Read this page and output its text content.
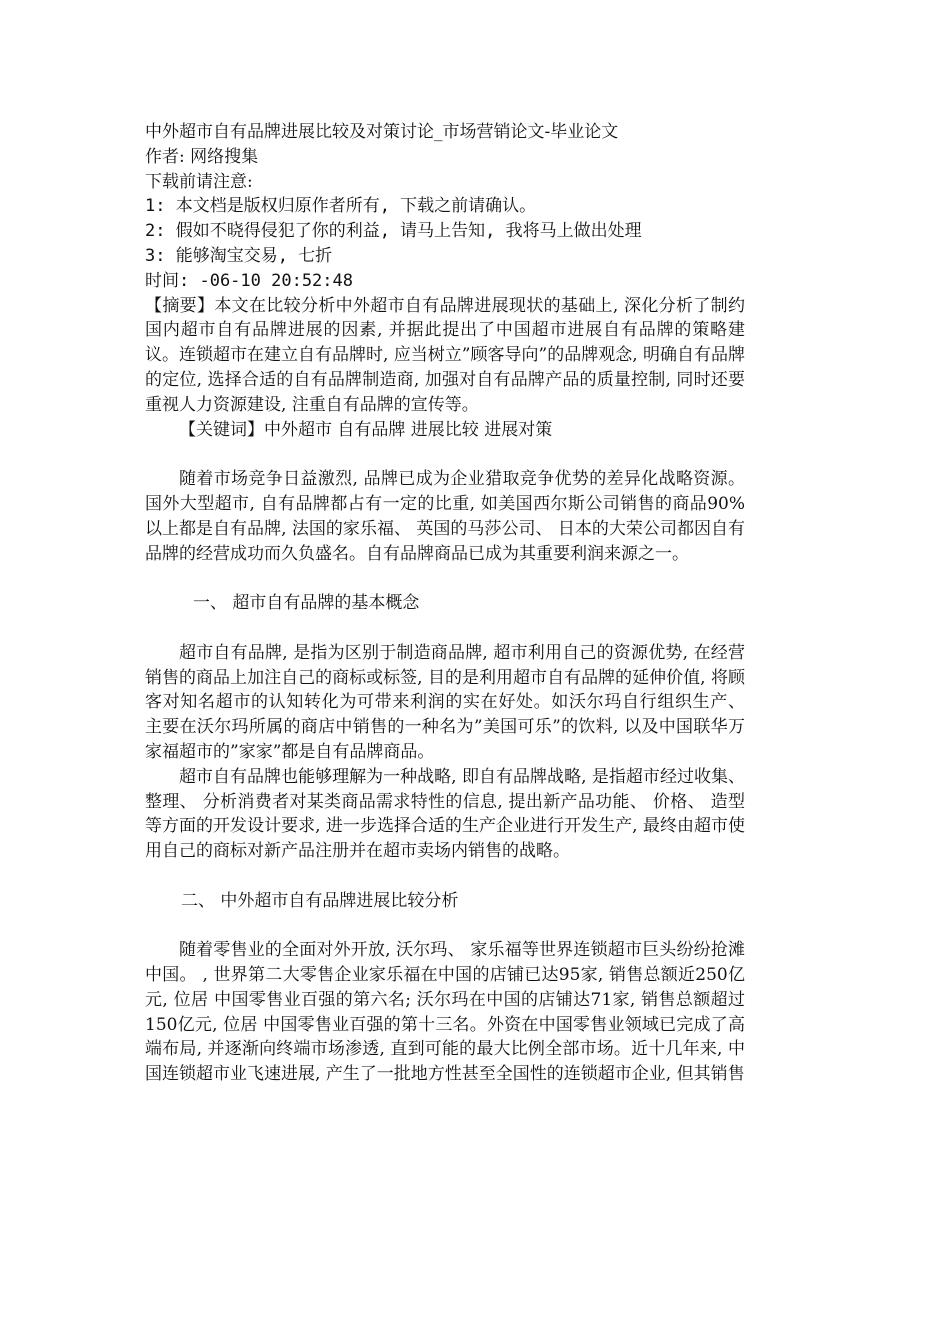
中外超市自有品牌进展比较及对策讨论_市场营销论文-毕业论文
作者: 网络搜集
下载前请注意:
1: 本文档是版权归原作者所有, 下载之前请确认。
2: 假如不晓得侵犯了你的利益, 请马上告知, 我将马上做出处理
3: 能够淘宝交易, 七折
时间: -06-10 20:52:48

【摘要】本文在比较分析中外超市自有品牌进展现状的基础上, 深化分析了制约国内超市自有品牌进展的因素, 并据此提出了中国超市进展自有品牌的策略建议。连锁超市在建立自有品牌时, 应当树立”顾客导向”的品牌观念, 明确自有品牌的定位, 选择合适的自有品牌制造商, 加强对自有品牌产品的质量控制, 同时还要重视人力资源建设, 注重自有品牌的宣传等。

【关键词】中外超市 自有品牌 进展比较 进展对策

随着市场竞争日益激烈, 品牌已成为企业猎取竞争优势的差异化战略资源。国外大型超市, 自有品牌都占有一定的比重, 如美国西尔斯公司销售的商品90%以上都是自有品牌, 法国的家乐福、 英国的马莎公司、 日本的大荣公司都因自有品牌的经营成功而久负盛名。自有品牌商品已成为其重要利润来源之一。

一、 超市自有品牌的基本概念

超市自有品牌, 是指为区别于制造商品牌, 超市利用自己的资源优势, 在经营销售的商品上加注自己的商标或标签, 目的是利用超市自有品牌的延伸价值, 将顾客对知名超市的认知转化为可带来利润的实在好处。如沃尔玛自行组织生产、 主要在沃尔玛所属的商店中销售的一种名为”美国可乐”的饮料, 以及中国联华万家福超市的”家家”都是自有品牌商品。

超市自有品牌也能够理解为一种战略, 即自有品牌战略, 是指超市经过收集、 整理、 分析消费者对某类商品需求特性的信息, 提出新产品功能、 价格、 造型等方面的开发设计要求, 进一步选择合适的生产企业进行开发生产, 最终由超市使用自己的商标对新产品注册并在超市卖场内销售的战略。

二、 中外超市自有品牌进展比较分析

随着零售业的全面对外开放, 沃尔玛、 家乐福等世界连锁超市巨头纷纷抢滩中国。 , 世界第二大零售企业家乐福在中国的店铺已达95家, 销售总额近250亿元, 位居 中国零售业百强的第六名; 沃尔玛在中国的店铺达71家, 销售总额超过150亿元, 位居 中国零售业百强的第十三名。外资在中国零售业领域已完成了高端布局, 并逐渐向终端市场渗透, 直到可能的最大比例全部市场。近十几年来, 中国连锁超市业飞速进展, 产生了一批地方性甚至全国性的连锁超市企业, 但其销售
